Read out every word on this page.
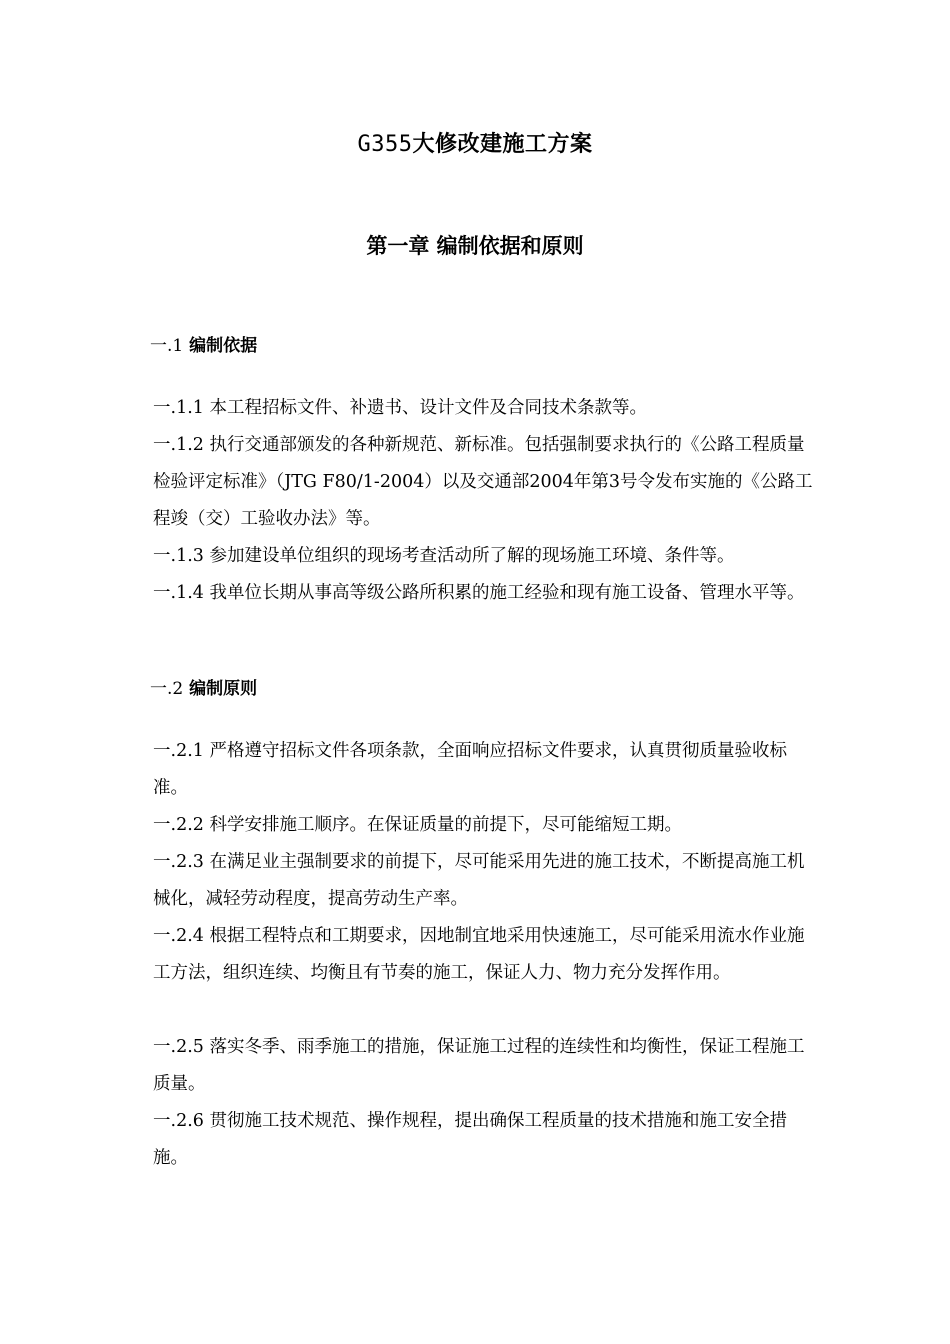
G355大修改建施工方案
第一章 编制依据和原则
一.1 编制依据

一.1.1 本工程招标文件、补遗书、设计文件及合同技术条款等。

一.1.2 执行交通部颁发的各种新规范、新标准。包括强制要求执行的《公路工程质量检验评定标准》（JTG F80/1-2004）以及交通部2004年第3号令发布实施的《公路工程竣（交）工验收办法》等。

一.1.3 参加建设单位组织的现场考查活动所了解的现场施工环境、条件等。

一.1.4 我单位长期从事高等级公路所积累的施工经验和现有施工设备、管理水平等。

一.2 编制原则

一.2.1 严格遵守招标文件各项条款，全面响应招标文件要求，认真贯彻质量验收标准。

一.2.2 科学安排施工顺序。在保证质量的前提下，尽可能缩短工期。

一.2.3 在满足业主强制要求的前提下，尽可能采用先进的施工技术，不断提高施工机械化，减轻劳动程度，提高劳动生产率。

一.2.4 根据工程特点和工期要求，因地制宜地采用快速施工，尽可能采用流水作业施工方法，组织连续、均衡且有节奏的施工，保证人力、物力充分发挥作用。

一.2.5 落实冬季、雨季施工的措施，保证施工过程的连续性和均衡性，保证工程施工质量。

一.2.6 贯彻施工技术规范、操作规程，提出确保工程质量的技术措施和施工安全措施。
